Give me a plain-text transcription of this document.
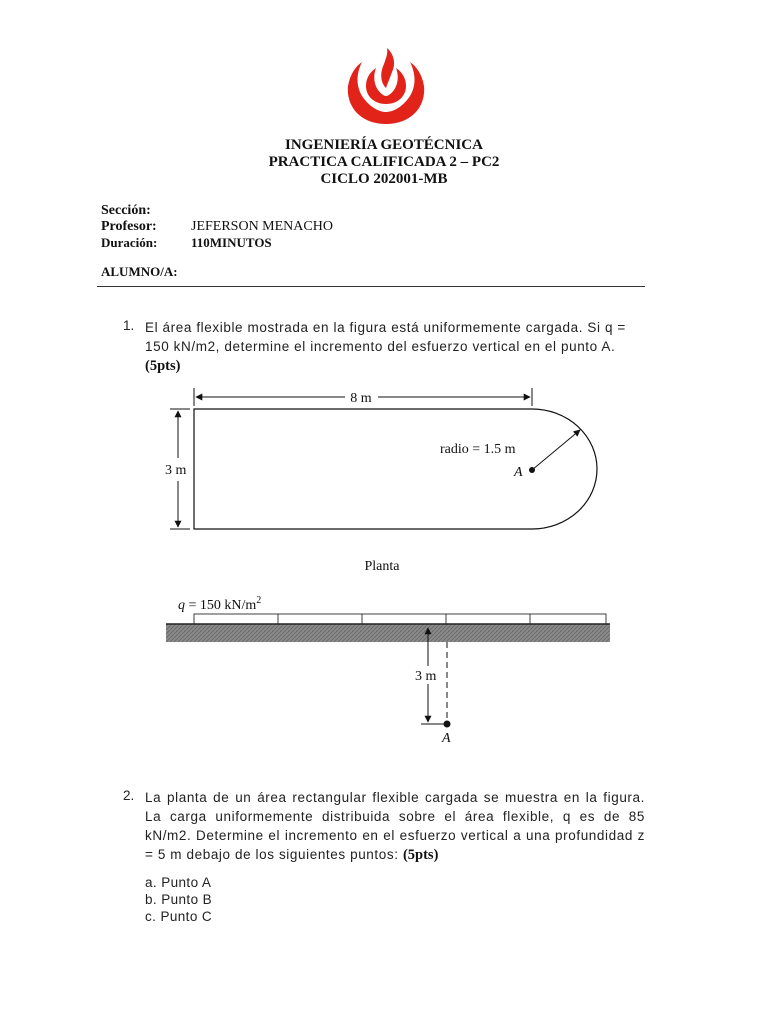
INGENIERÍA GEOTÉCNICA
PRACTICA CALIFICADA 2 – PC2
CICLO 202001-MB
Sección:
Profesor: JEFERSON MENACHO
Duración:	110MINUTOS
ALUMNO/A:
1. El área flexible mostrada en la figura está uniformemente cargada. Si q = 150 kN/m2, determine el incremento del esfuerzo vertical en el punto A. (5pts)
8 m
3 m
radio = 1.5 m
A
Planta
q = 150 $kN/m^2$
3 m
A
2. La planta de un área rectangular flexible cargada se muestra en la figura. La carga uniformemente distribuida sobre el área flexible, q es de 85 kN/m2. Determine el incremento en el esfuerzo vertical a una profundidad z = 5 m debajo de los siguientes puntos: (5pts)
a. Punto A
b. Punto B
c. Punto C
